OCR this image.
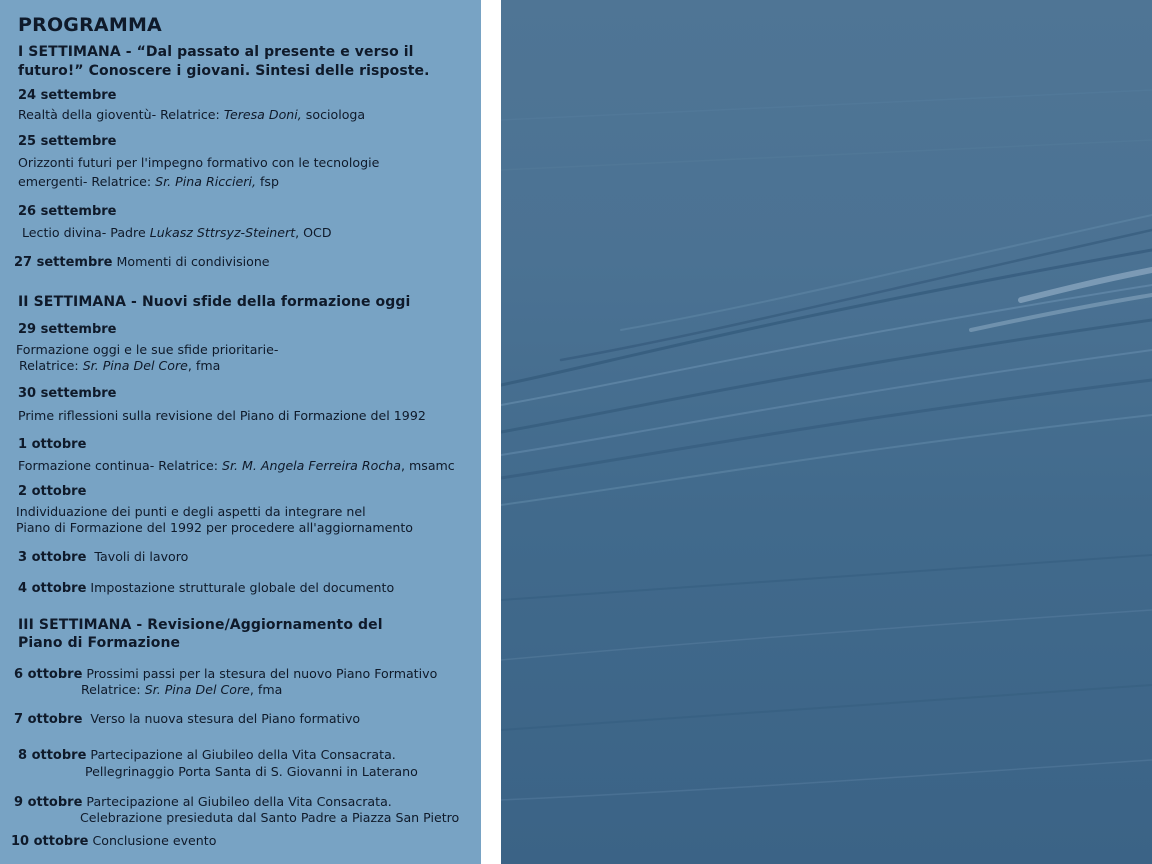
PROGRAMMA
I SETTIMANA - “Dal passato al presente e verso il
futuro!” Conoscere i giovani. Sintesi delle risposte.
24 settembre
Realtà della gioventù- Relatrice: Teresa Doni, sociologa
25 settembre
Orizzonti futuri per l'impegno formativo con le tecnologie
emergenti- Relatrice: Sr. Pina Riccieri, fsp
26 settembre
Lectio divina- Padre Lukasz Sttrsyz-Steinert, OCD
27 settembre Momenti di condivisione
II SETTIMANA - Nuovi sfide della formazione oggi
29 settembre
Formazione oggi e le sue sfide prioritarie-
Relatrice: Sr. Pina Del Core, fma
30 settembre
Prime riflessioni sulla revisione del Piano di Formazione del 1992
1 ottobre
Formazione continua- Relatrice: Sr. M. Angela Ferreira Rocha, msamc
2 ottobre
Individuazione dei punti e degli aspetti da integrare nel
Piano di Formazione del 1992 per procedere all'aggiornamento
3 ottobre  Tavoli di lavoro
4 ottobre Impostazione strutturale globale del documento
III SETTIMANA - Revisione/Aggiornamento del
Piano di Formazione
6 ottobre Prossimi passi per la stesura del nuovo Piano Formativo
Relatrice: Sr. Pina Del Core, fma
7 ottobre  Verso la nuova stesura del Piano formativo
8 ottobre Partecipazione al Giubileo della Vita Consacrata.
Pellegrinaggio Porta Santa di S. Giovanni in Laterano
9 ottobre Partecipazione al Giubileo della Vita Consacrata.
Celebrazione presieduta dal Santo Padre a Piazza San Pietro
10 ottobre Conclusione evento
